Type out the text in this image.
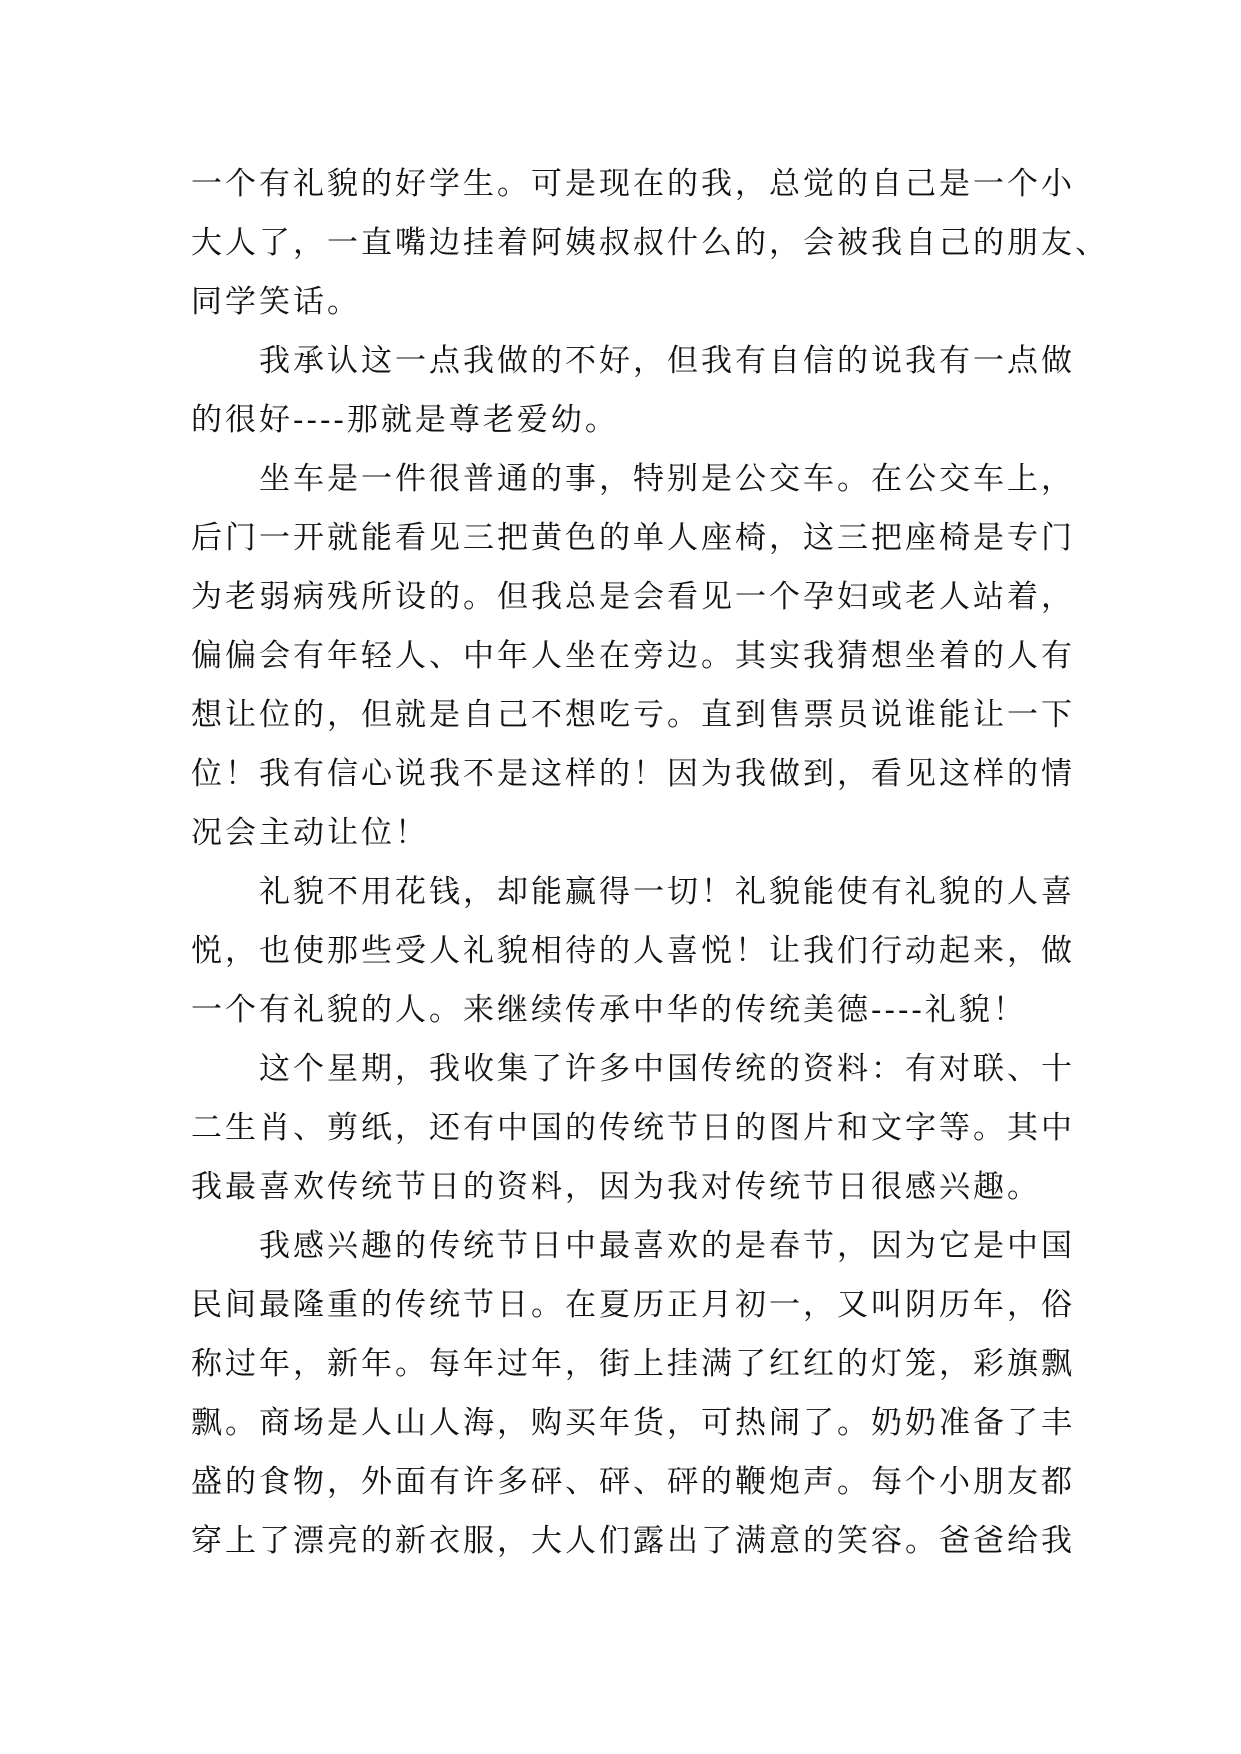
一个有礼貌的好学生。可是现在的我，总觉的自己是一个小
大人了，一直嘴边挂着阿姨叔叔什么的，会被我自己的朋友、
同学笑话。

　　我承认这一点我做的不好，但我有自信的说我有一点做
的很好----那就是尊老爱幼。

　　坐车是一件很普通的事，特别是公交车。在公交车上，
后门一开就能看见三把黄色的单人座椅，这三把座椅是专门
为老弱病残所设的。但我总是会看见一个孕妇或老人站着，
偏偏会有年轻人、中年人坐在旁边。其实我猜想坐着的人有
想让位的，但就是自己不想吃亏。直到售票员说谁能让一下
位！我有信心说我不是这样的！因为我做到，看见这样的情
况会主动让位！

　　礼貌不用花钱，却能赢得一切！礼貌能使有礼貌的人喜
悦，也使那些受人礼貌相待的人喜悦！让我们行动起来，做
一个有礼貌的人。来继续传承中华的传统美德----礼貌！

　　这个星期，我收集了许多中国传统的资料：有对联、十
二生肖、剪纸，还有中国的传统节日的图片和文字等。其中
我最喜欢传统节日的资料，因为我对传统节日很感兴趣。

　　我感兴趣的传统节日中最喜欢的是春节，因为它是中国
民间最隆重的传统节日。在夏历正月初一，又叫阴历年，俗
称过年，新年。每年过年，街上挂满了红红的灯笼，彩旗飘
飘。商场是人山人海，购买年货，可热闹了。奶奶准备了丰
盛的食物，外面有许多砰、砰、砰的鞭炮声。每个小朋友都
穿上了漂亮的新衣服，大人们露出了满意的笑容。爸爸给我
